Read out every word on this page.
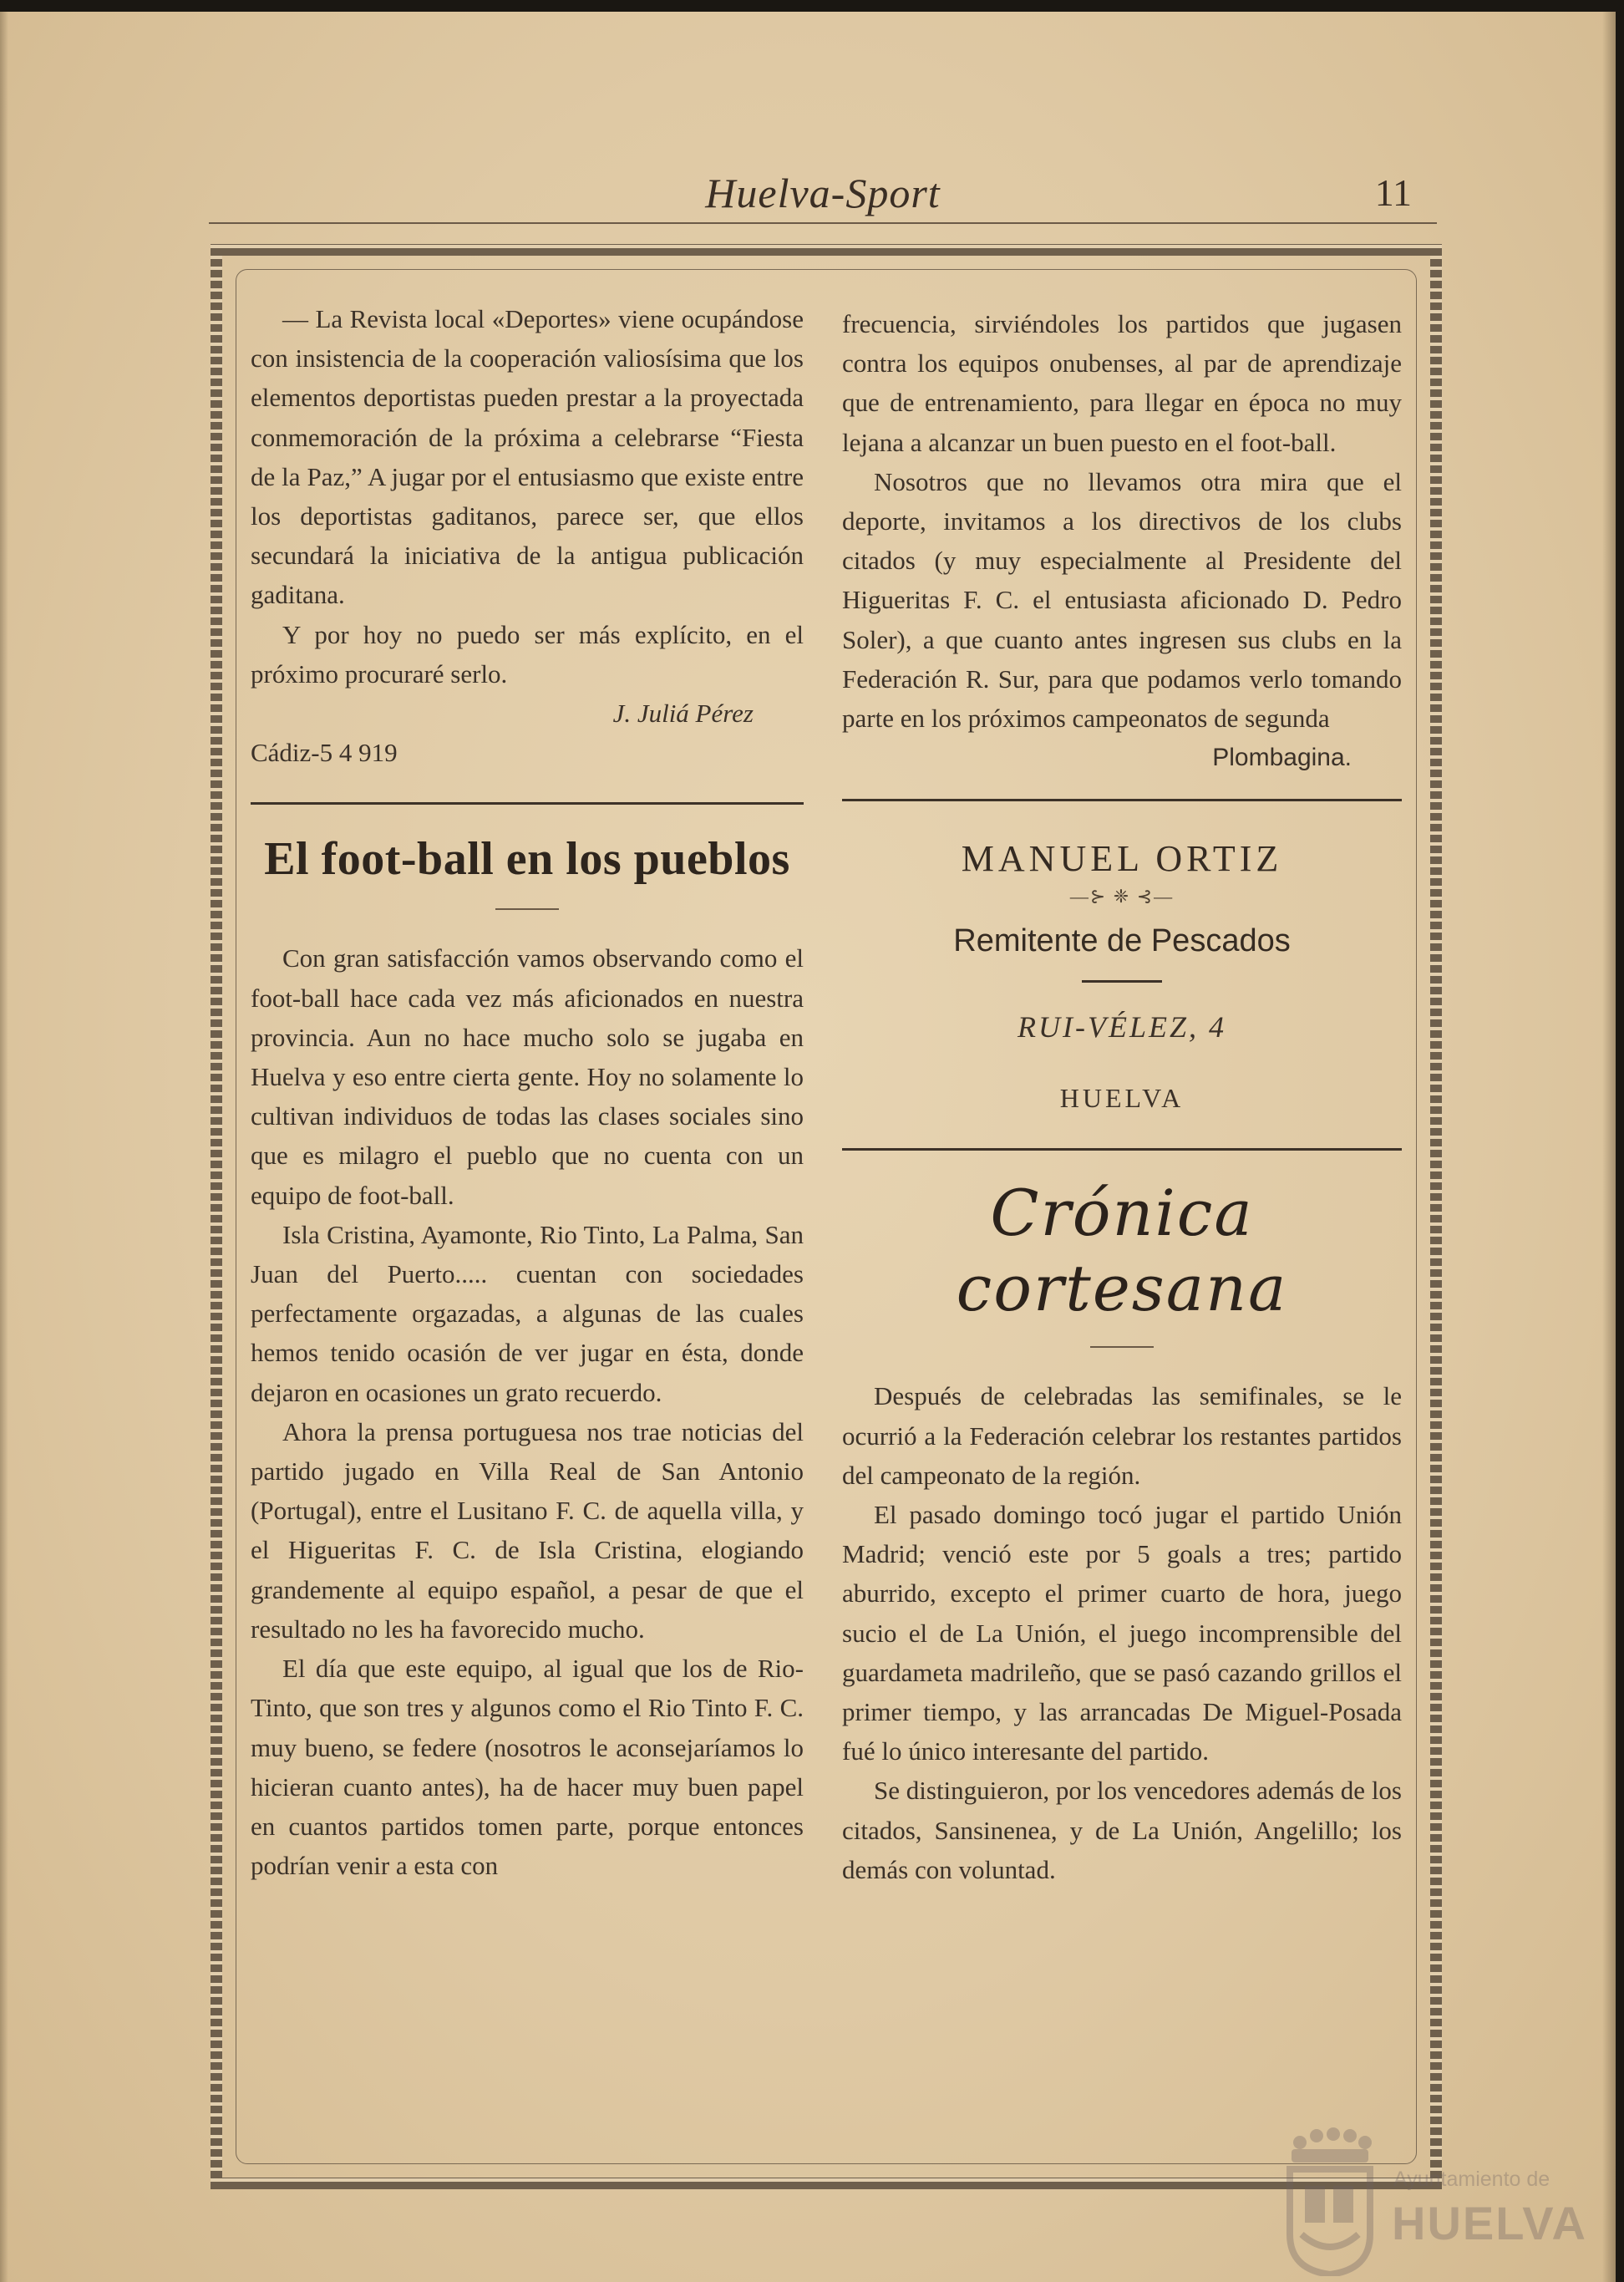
Huelva-Sport	11

— La Revista local «Deportes» viene ocupándose con insistencia de la cooperación valiosísima que los elementos deportistas pueden prestar a la proyectada conmemoración de la próxima a celebrarse “Fiesta de la Paz,” A jugar por el entusiasmo que existe entre los deportistas gaditanos, parece ser, que ellos secundará la iniciativa de la antigua publicación gaditana.

Y por hoy no puedo ser más explícito, en el próximo procuraré serlo.

J. Juliá Pérez

Cádiz-5 4 919

El foot-ball en los pueblos

Con gran satisfacción vamos observando como el foot-ball hace cada vez más aficionados en nuestra provincia. Aun no hace mucho solo se jugaba en Huelva y eso entre cierta gente. Hoy no solamente lo cultivan individuos de todas las clases sociales sino que es milagro el pueblo que no cuenta con un equipo de foot-ball.

Isla Cristina, Ayamonte, Rio Tinto, La Palma, San Juan del Puerto..... cuentan con sociedades perfectamente orgazadas, a algunas de las cuales hemos tenido ocasión de ver jugar en ésta, donde dejaron en ocasiones un grato recuerdo.

Ahora la prensa portuguesa nos trae noticias del partido jugado en Villa Real de San Antonio (Portugal), entre el Lusitano F. C. de aquella villa, y el Higueritas F. C. de Isla Cristina, elogiando grandemente al equipo español, a pesar de que el resultado no les ha favorecido mucho.

El día que este equipo, al igual que los de Rio-Tinto, que son tres y algunos como el Rio Tinto F. C. muy bueno, se federe (nosotros le aconsejaríamos lo hicieran cuanto antes), ha de hacer muy buen papel en cuantos partidos tomen parte, porque entonces podrían venir a esta con

frecuencia, sirviéndoles los partidos que jugasen contra los equipos onubenses, al par de aprendizaje que de entrenamiento, para llegar en época no muy lejana a alcanzar un buen puesto en el foot-ball.

Nosotros que no llevamos otra mira que el deporte, invitamos a los directivos de los clubs citados (y muy especialmente al Presidente del Higueritas F. C. el entusiasta aficionado D. Pedro Soler), a que cuanto antes ingresen sus clubs en la Federación R. Sur, para que podamos verlo tomando parte en los próximos campeonatos de segunda

Plombagina.

MANUEL ORTIZ
—⊱ ❈ ⊰—
Remitente de Pescados
RUI-VÉLEZ, 4
HUELVA
Crónica cortesana

Después de celebradas las semifinales, se le ocurrió a la Federación celebrar los restantes partidos del campeonato de la región.

El pasado domingo tocó jugar el partido Unión Madrid; venció este por 5 goals a tres; partido aburrido, excepto el primer cuarto de hora, juego sucio el de La Unión, el juego incomprensible del guardameta madrileño, que se pasó cazando grillos el primer tiempo, y las arrancadas De Miguel-Posada fué lo único interesante del partido.

Se distinguieron, por los vencedores además de los citados, Sansinenea, y de La Unión, Angelillo; los demás con voluntad.

Ayuntamiento de
HUELVA
